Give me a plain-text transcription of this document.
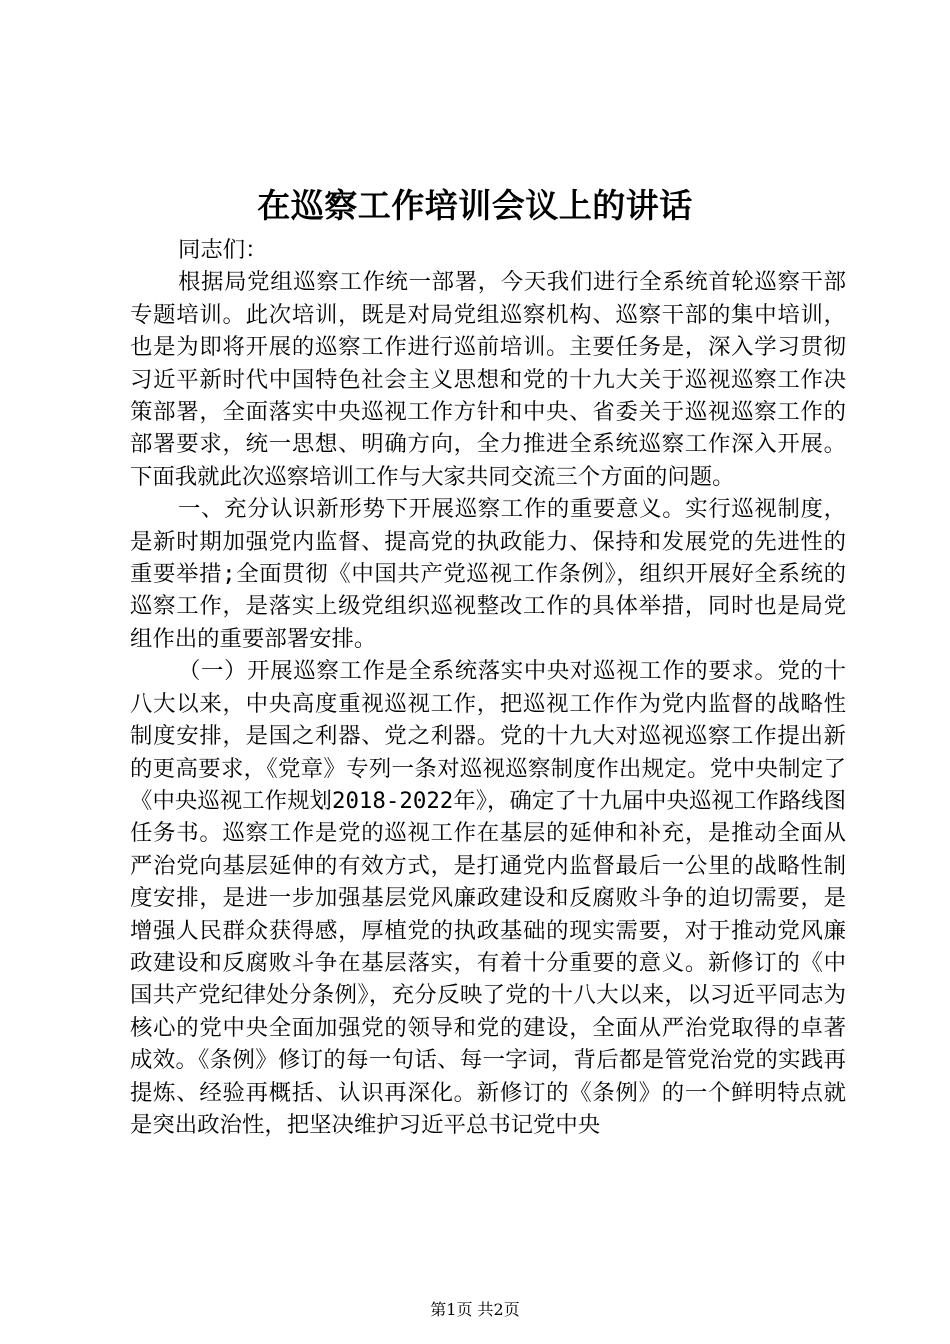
在巡察工作培训会议上的讲话

同志们：

根据局党组巡察工作统一部署，今天我们进行全系统首轮巡察干部专题培训。此次培训，既是对局党组巡察机构、巡察干部的集中培训，也是为即将开展的巡察工作进行巡前培训。主要任务是，深入学习贯彻习近平新时代中国特色社会主义思想和党的十九大关于巡视巡察工作决策部署，全面落实中央巡视工作方针和中央、省委关于巡视巡察工作的部署要求，统一思想、明确方向，全力推进全系统巡察工作深入开展。下面我就此次巡察培训工作与大家共同交流三个方面的问题。

一、充分认识新形势下开展巡察工作的重要意义。实行巡视制度，是新时期加强党内监督、提高党的执政能力、保持和发展党的先进性的重要举措;全面贯彻《中国共产党巡视工作条例》，组织开展好全系统的巡察工作，是落实上级党组织巡视整改工作的具体举措，同时也是局党组作出的重要部署安排。

（一）开展巡察工作是全系统落实中央对巡视工作的要求。党的十八大以来，中央高度重视巡视工作，把巡视工作作为党内监督的战略性制度安排，是国之利器、党之利器。党的十九大对巡视巡察工作提出新的更高要求，《党章》专列一条对巡视巡察制度作出规定。党中央制定了《中央巡视工作规划2018-2022年》，确定了十九届中央巡视工作路线图任务书。巡察工作是党的巡视工作在基层的延伸和补充，是推动全面从严治党向基层延伸的有效方式，是打通党内监督最后一公里的战略性制度安排，是进一步加强基层党风廉政建设和反腐败斗争的迫切需要，是增强人民群众获得感，厚植党的执政基础的现实需要，对于推动党风廉政建设和反腐败斗争在基层落实，有着十分重要的意义。新修订的《中国共产党纪律处分条例》，充分反映了党的十八大以来，以习近平同志为核心的党中央全面加强党的领导和党的建设，全面从严治党取得的卓著成效。《条例》修订的每一句话、每一字词，背后都是管党治党的实践再提炼、经验再概括、认识再深化。新修订的《条例》的一个鲜明特点就是突出政治性，把坚决维护习近平总书记党中央

第1页 共2页
